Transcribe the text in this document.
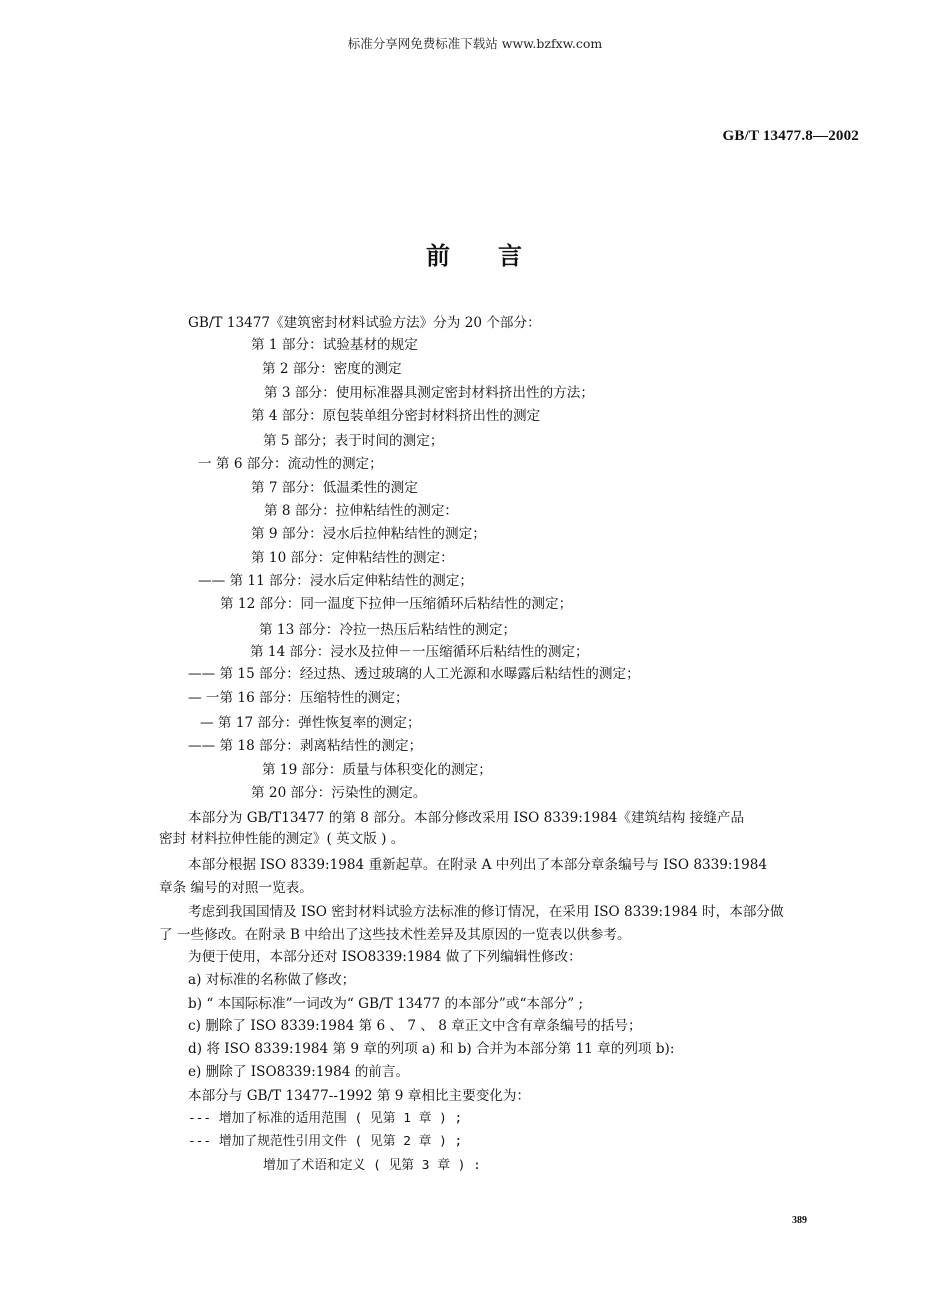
标准分享网免费标准下载站 www.bzfxw.com
GB/T 13477.8—2002
前 言
GB/T 13477《建筑密封材料试验方法》分为 20 个部分：
第 1 部分：试验基材的规定
第 2 部分：密度的测定
第 3 部分：使用标准器具测定密封材料挤出性的方法；
第 4 部分：原包装单组分密封材料挤出性的测定
第 5 部分；表于时间的测定；
一 第 6 部分：流动性的测定；
第 7 部分：低温柔性的测定
第 8 部分：拉伸粘结性的测定：
第 9 部分：浸水后拉伸粘结性的测定；
第 10 部分：定伸粘结性的测定：
—— 第 11 部分：浸水后定伸粘结性的测定；
第 12 部分：同一温度下拉伸一压缩循环后粘结性的测定；
第 13 部分：冷拉一热压后粘结性的测定；
第 14 部分：浸水及拉伸－一压缩循环后粘结性的测定；
—— 第 15 部分：经过热、透过玻璃的人工光源和水曝露后粘结性的测定；
— 一第 16 部分：压缩特性的测定；
— 第 17 部分：弹性恢复率的测定；
—— 第 18 部分：剥离粘结性的测定；
第 19 部分：质量与体积变化的测定；
第 20 部分：污染性的测定。
本部分为 GB/T13477 的第 8 部分。本部分修改采用 ISO 8339:1984《建筑结构 接缝产品
密封 材料拉伸性能的测定》( 英文版 ) 。
本部分根据 ISO 8339:1984 重新起草。在附录 A 中列出了本部分章条编号与 ISO 8339:1984
章条 编号的对照一览表。
考虑到我国国情及 ISO 密封材料试验方法标准的修订情况，在采用 ISO 8339:1984 时，本部分做
了 一些修改。在附录 B 中给出了这些技术性差异及其原因的一览表以供参考。
为便于使用，本部分还对 ISO8339:1984 做了下列编辑性修改：
a) 对标准的名称做了修改；
b) “ 本国际标准”一词改为“ GB/T 13477 的本部分”或“本部分” ;
c) 删除了 ISO 8339:1984 第 6 、 7 、 8 章正文中含有章条编号的括号；
d) 将 ISO 8339:1984 第 9 章的列项 a) 和 b) 合并为本部分第 11 章的列项 b):
e) 删除了 ISO8339:1984 的前言。
本部分与 GB/T 13477--1992 第 9 章相比主要变化为：
--- 增加了标准的适用范围 ( 见第 1 章 ) ;
--- 增加了规范性引用文件 ( 见第 2 章 ) ;
增加了术语和定义 ( 见第 3 章 ) :
389
